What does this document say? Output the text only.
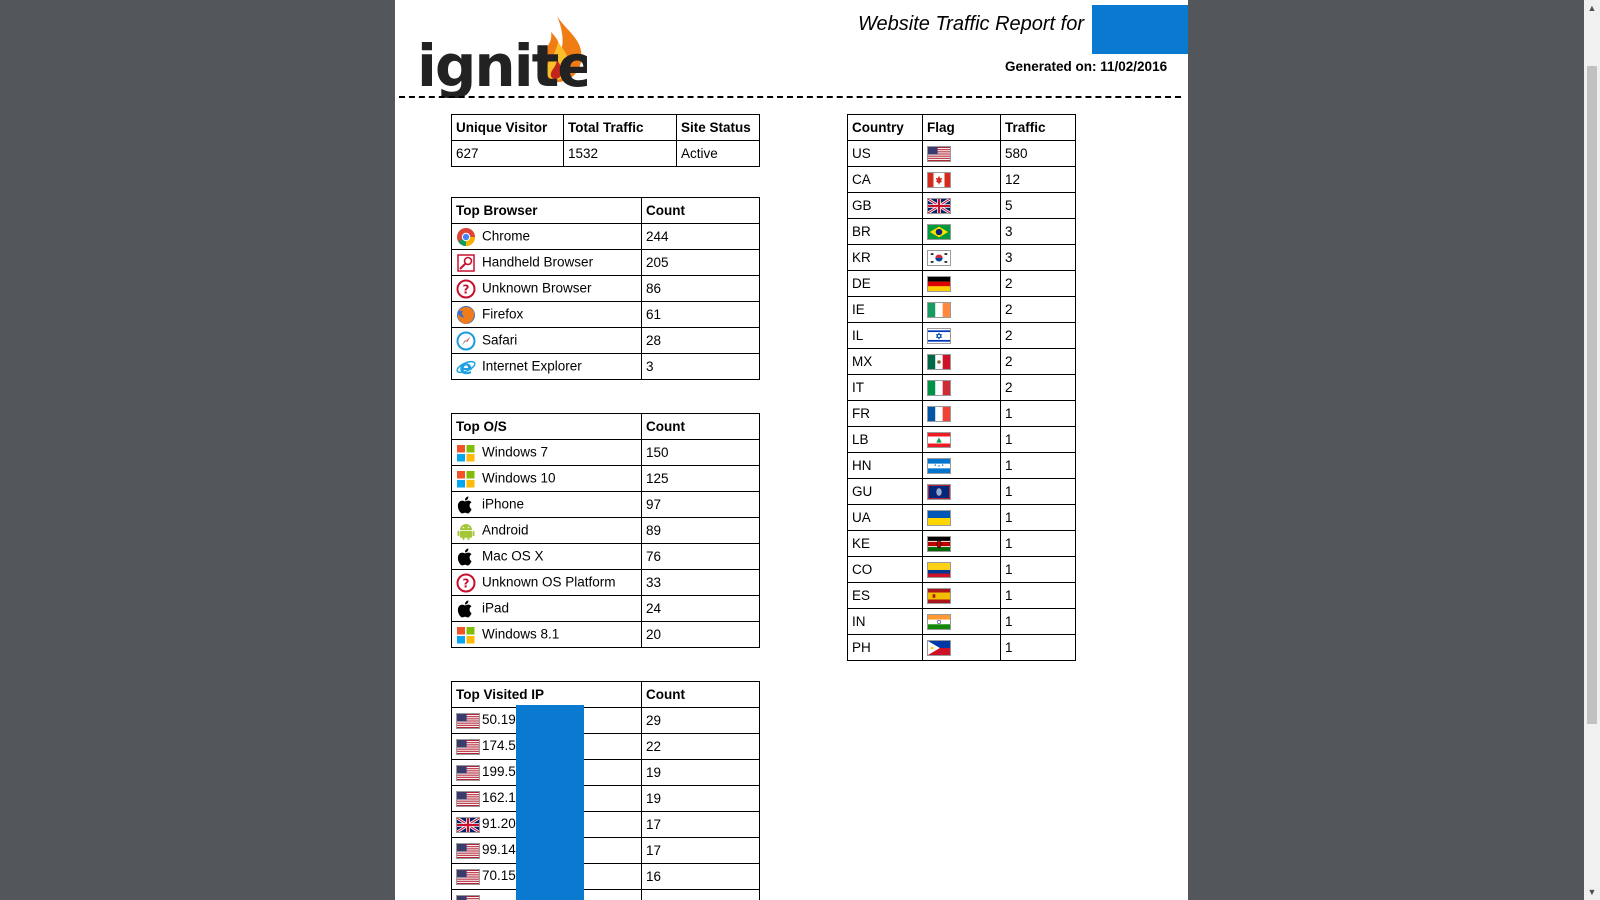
▲
▼
ignite
Website Traffic Report for
Generated on: 11/02/2016
Unique Visitor	Total Traffic	Site Status
627	1532	Active
Top Browser	Count

Chrome	244

Handheld Browser	205

? Unknown Browser	86

Firefox	61

Safari	28

e Internet Explorer	3
Top O/S	Count

Windows 7	150

Windows 10	125

iPhone	97

Android	89

Mac OS X	76

? Unknown OS Platform	33

iPad	24

Windows 8.1	20
Top Visited IP	Count

50.19	29

174.5	22

199.5	19

162.1	19

91.20	17

99.14	17

70.15	16

Country	Flag	Traffic
US		580
CA		12
GB		5
BR		3
KR		3
DE		2
IE		2
IL		2
MX		2
IT		2
FR		1
LB		1
HN		1
GU		1
UA		1
KE		1
CO		1
ES		1
IN		1
PH		1
